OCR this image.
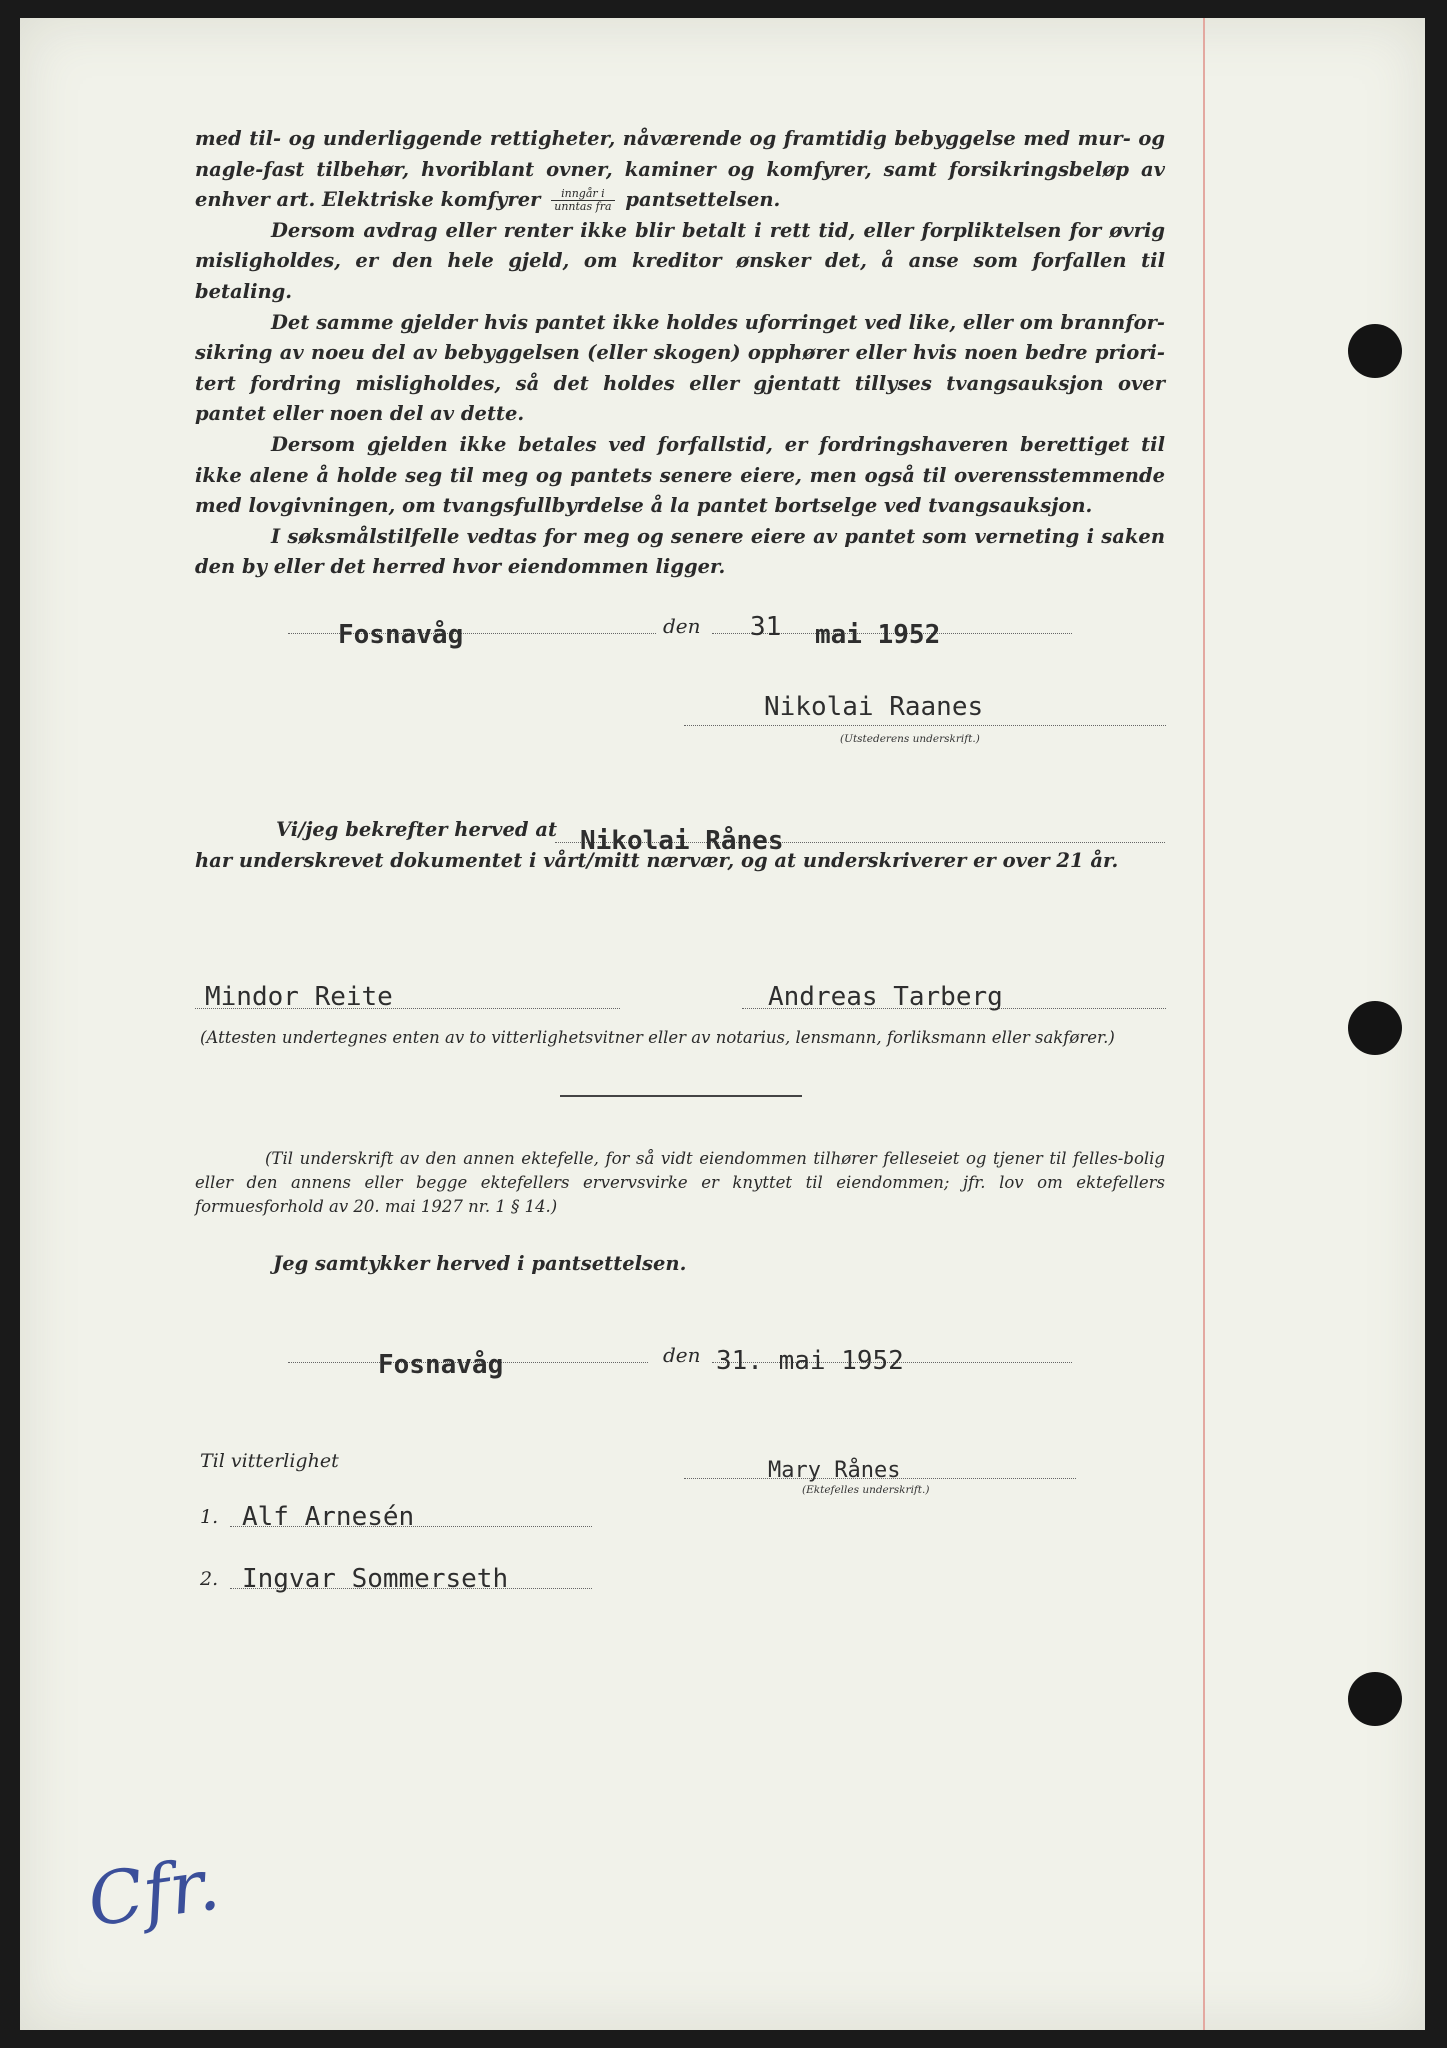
med til- og underliggende rettigheter, nåværende og framtidig bebyggelse med mur- og nagle-fast tilbehør, hvoriblant ovner, kaminer og komfyrer, samt forsikringsbeløp av enhver art. Elektriske komfyrer $\frac{\text{inngår i}}{\text{unntas fra}}$ pantsettelsen.

Dersom avdrag eller renter ikke blir betalt i rett tid, eller forpliktelsen for øvrig misligholdes, er den hele gjeld, om kreditor ønsker det, å anse som forfallen til betaling.

Det samme gjelder hvis pantet ikke holdes uforringet ved like, eller om brannfor-sikring av noeu del av bebyggelsen (eller skogen) opphører eller hvis noen bedre priori-tert fordring misligholdes, så det holdes eller gjentatt tillyses tvangsauksjon over pantet eller noen del av dette.

Dersom gjelden ikke betales ved forfallstid, er fordringshaveren berettiget til ikke alene å holde seg til meg og pantets senere eiere, men også til overensstemmende med lovgivningen, om tvangsfullbyrdelse å la pantet bortselge ved tvangsauksjon.

I søksmålstilfelle vedtas for meg og senere eiere av pantet som verneting i saken den by eller det herred hvor eiendommen ligger.

Fosnavåg	den 31 mai 1952
Nikolai Raanes
(Utstederens underskrift.)
Vi/jeg bekrefter herved at Nikolai Rånes
har underskrevet dokumentet i vårt/mitt nærvær, og at underskriverer er over 21 år.
Mindor Reite	Andreas Tarberg
(Attesten undertegnes enten av to vitterlighetsvitner eller av notarius, lensmann, forliksmann eller sakfører.)
(Til underskrift av den annen ektefelle, for så vidt eiendommen tilhører felleseiet og tjener til felles-bolig eller den annens eller begge ektefellers ervervsvirke er knyttet til eiendommen; jfr. lov om ektefellers formuesforhold av 20. mai 1927 nr. 1 § 14.)
Jeg samtykker herved i pantsettelsen.
Fosnavåg	den 31. mai 1952
Mary Rånes
(Ektefelles underskrift.)
Til vitterlighet
1. Alf Arnesén
2. Ingvar Sommerseth
Cfr.
